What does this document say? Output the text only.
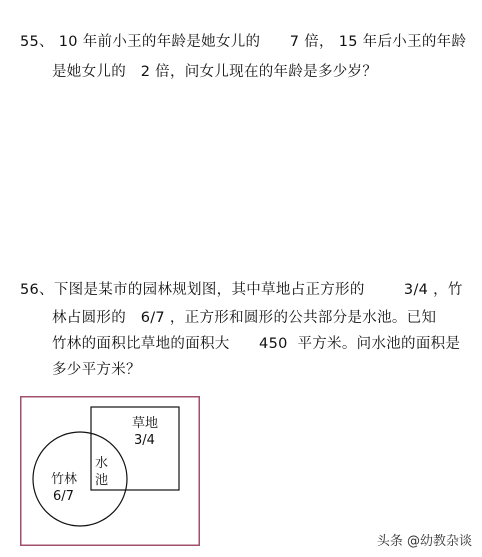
55、 10 年前小王的年龄是她女儿的      7 倍， 15 年后小王的年龄
是她女儿的   2 倍，问女儿现在的年龄是多少岁？
56、下图是某市的园林规划图，其中草地占正方形的        3/4 ，竹
林占圆形的   6/7 ，正方形和圆形的公共部分是水池。已知
竹林的面积比草地的面积大      450  平方米。问水池的面积是
多少平方米？
草地
3/4
竹林
6/7
水
池
头条 @幼教杂谈
